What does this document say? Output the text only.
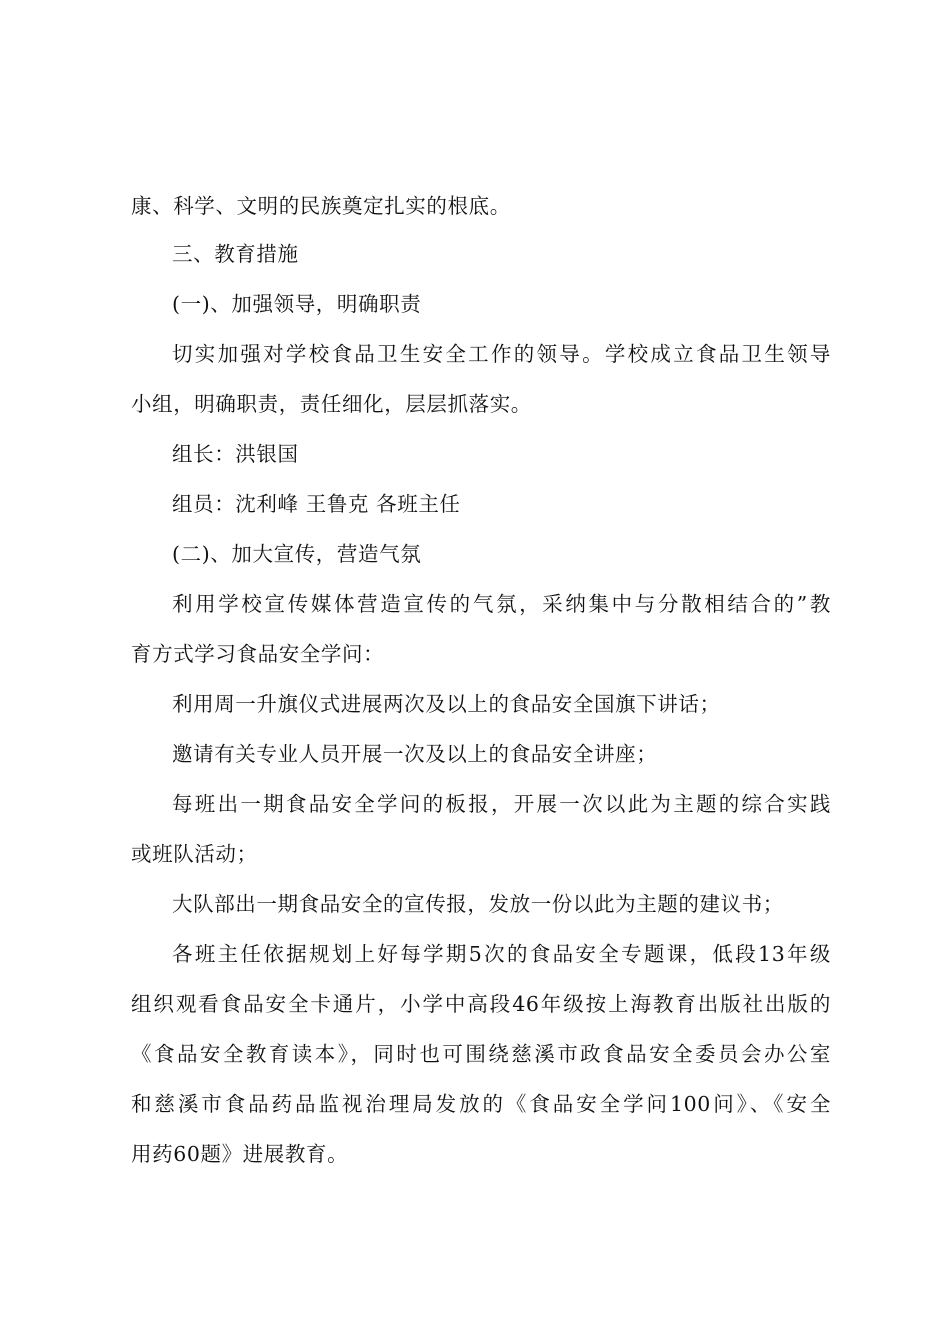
康、科学、文明的民族奠定扎实的根底。

三、教育措施

(一)、加强领导，明确职责

切实加强对学校食品卫生安全工作的领导。学校成立食品卫生领导

小组，明确职责，责任细化，层层抓落实。

组长：洪银国

组员：沈利峰 王鲁克 各班主任

(二)、加大宣传，营造气氛

利用学校宣传媒体营造宣传的气氛，采纳集中与分散相结合的”教

育方式学习食品安全学问：

利用周一升旗仪式进展两次及以上的食品安全国旗下讲话；

邀请有关专业人员开展一次及以上的食品安全讲座；

每班出一期食品安全学问的板报，开展一次以此为主题的综合实践

或班队活动；

大队部出一期食品安全的宣传报，发放一份以此为主题的建议书；

各班主任依据规划上好每学期5次的食品安全专题课，低段13年级

组织观看食品安全卡通片，小学中高段46年级按上海教育出版社出版的

《食品安全教育读本》，同时也可围绕慈溪市政食品安全委员会办公室

和慈溪市食品药品监视治理局发放的《食品安全学问100问》、《安全

用药60题》进展教育。
